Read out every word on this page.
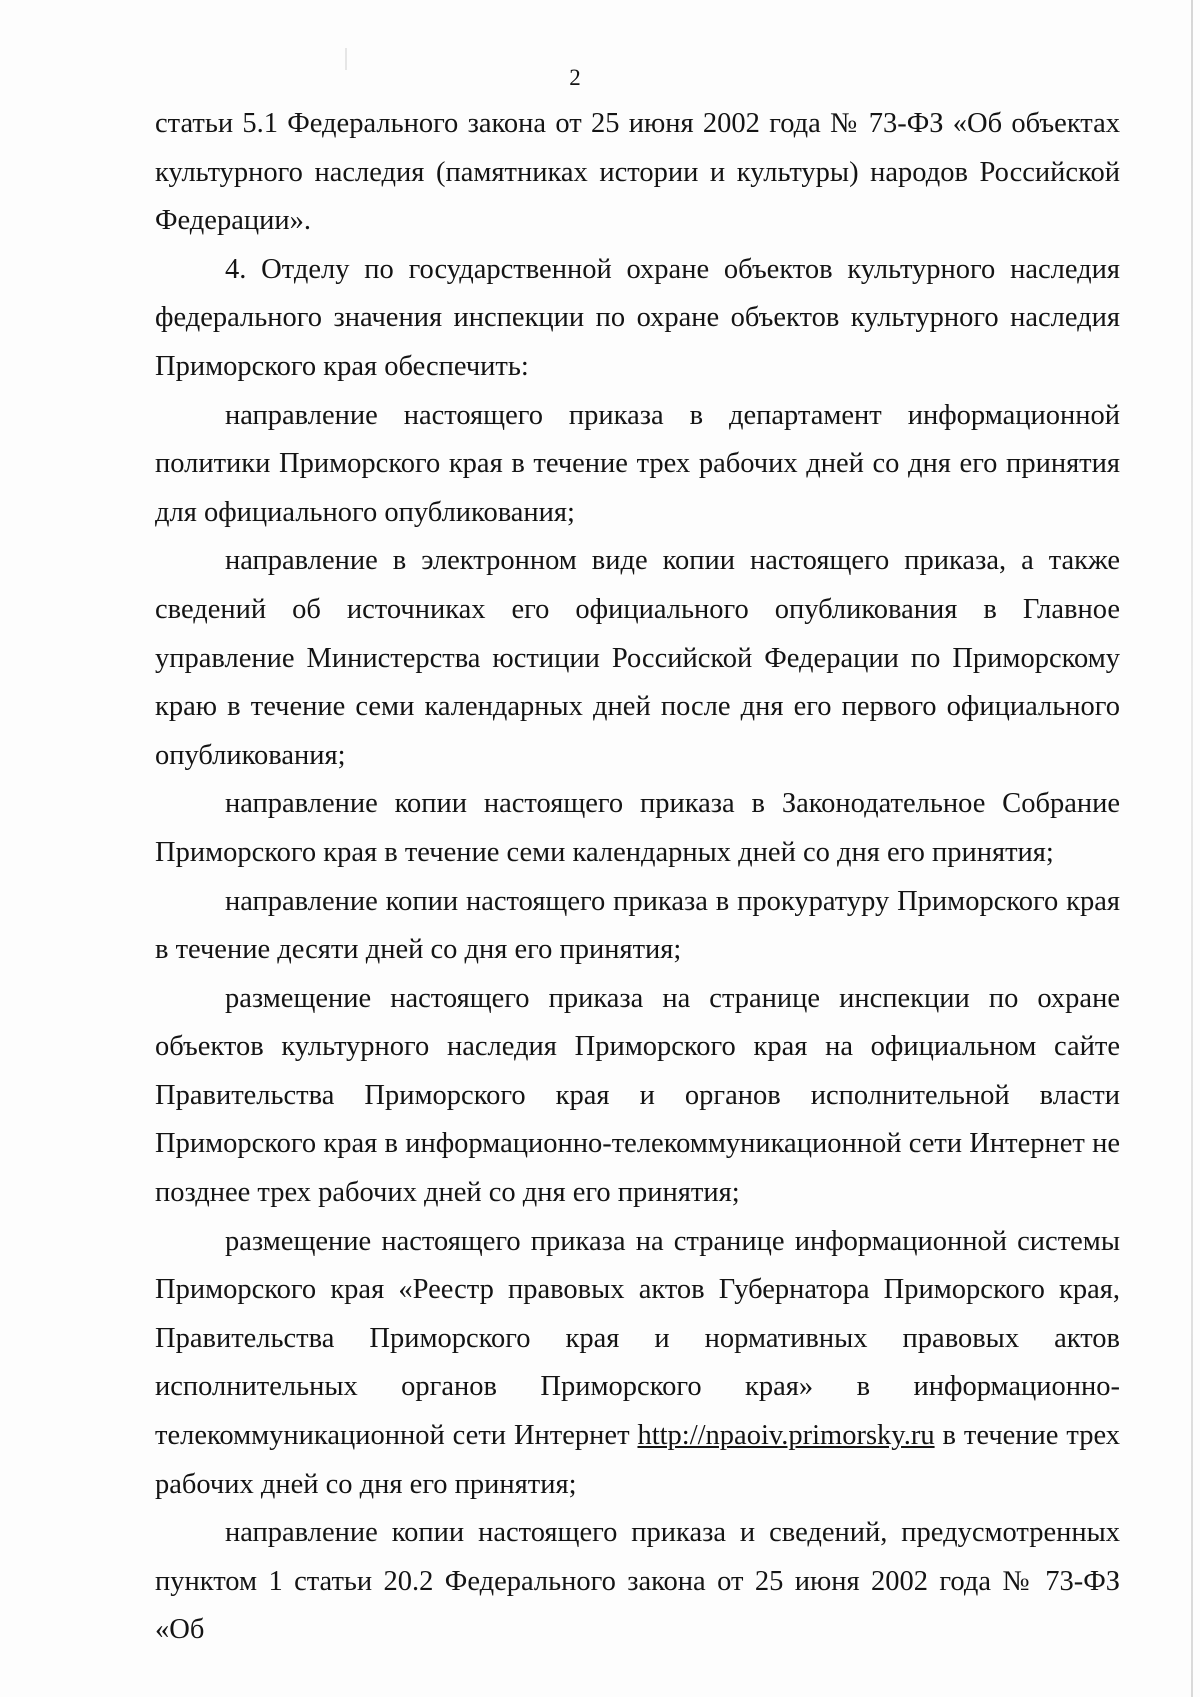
2

статьи 5.1 Федерального закона от 25 июня 2002 года № 73-ФЗ «Об объектах культурного наследия (памятниках истории и культуры) народов Российской Федерации».

4. Отделу по государственной охране объектов культурного наследия федерального значения инспекции по охране объектов культурного наследия Приморского края обеспечить:

направление настоящего приказа в департамент информационной политики Приморского края в течение трех рабочих дней со дня его принятия для официального опубликования;

направление в электронном виде копии настоящего приказа, а также сведений об источниках его официального опубликования в Главное управление Министерства юстиции Российской Федерации по Приморскому краю в течение семи календарных дней после дня его первого официального опубликования;

направление копии настоящего приказа в Законодательное Собрание Приморского края в течение семи календарных дней со дня его принятия;

направление копии настоящего приказа в прокуратуру Приморского края в течение десяти дней со дня его принятия;

размещение настоящего приказа на странице инспекции по охране объектов культурного наследия Приморского края на официальном сайте Правительства Приморского края и органов исполнительной власти Приморского края в информационно-телекоммуникационной сети Интернет не позднее трех рабочих дней со дня его принятия;

размещение настоящего приказа на странице информационной системы Приморского края «Реестр правовых актов Губернатора Приморского края, Правительства Приморского края и нормативных правовых актов исполнительных органов Приморского края» в информационно-телекоммуникационной сети Интернет http://npaoiv.primorsky.ru в течение трех рабочих дней со дня его принятия;

направление копии настоящего приказа и сведений, предусмотренных пунктом 1 статьи 20.2 Федерального закона от 25 июня 2002 года № 73-ФЗ «Об
